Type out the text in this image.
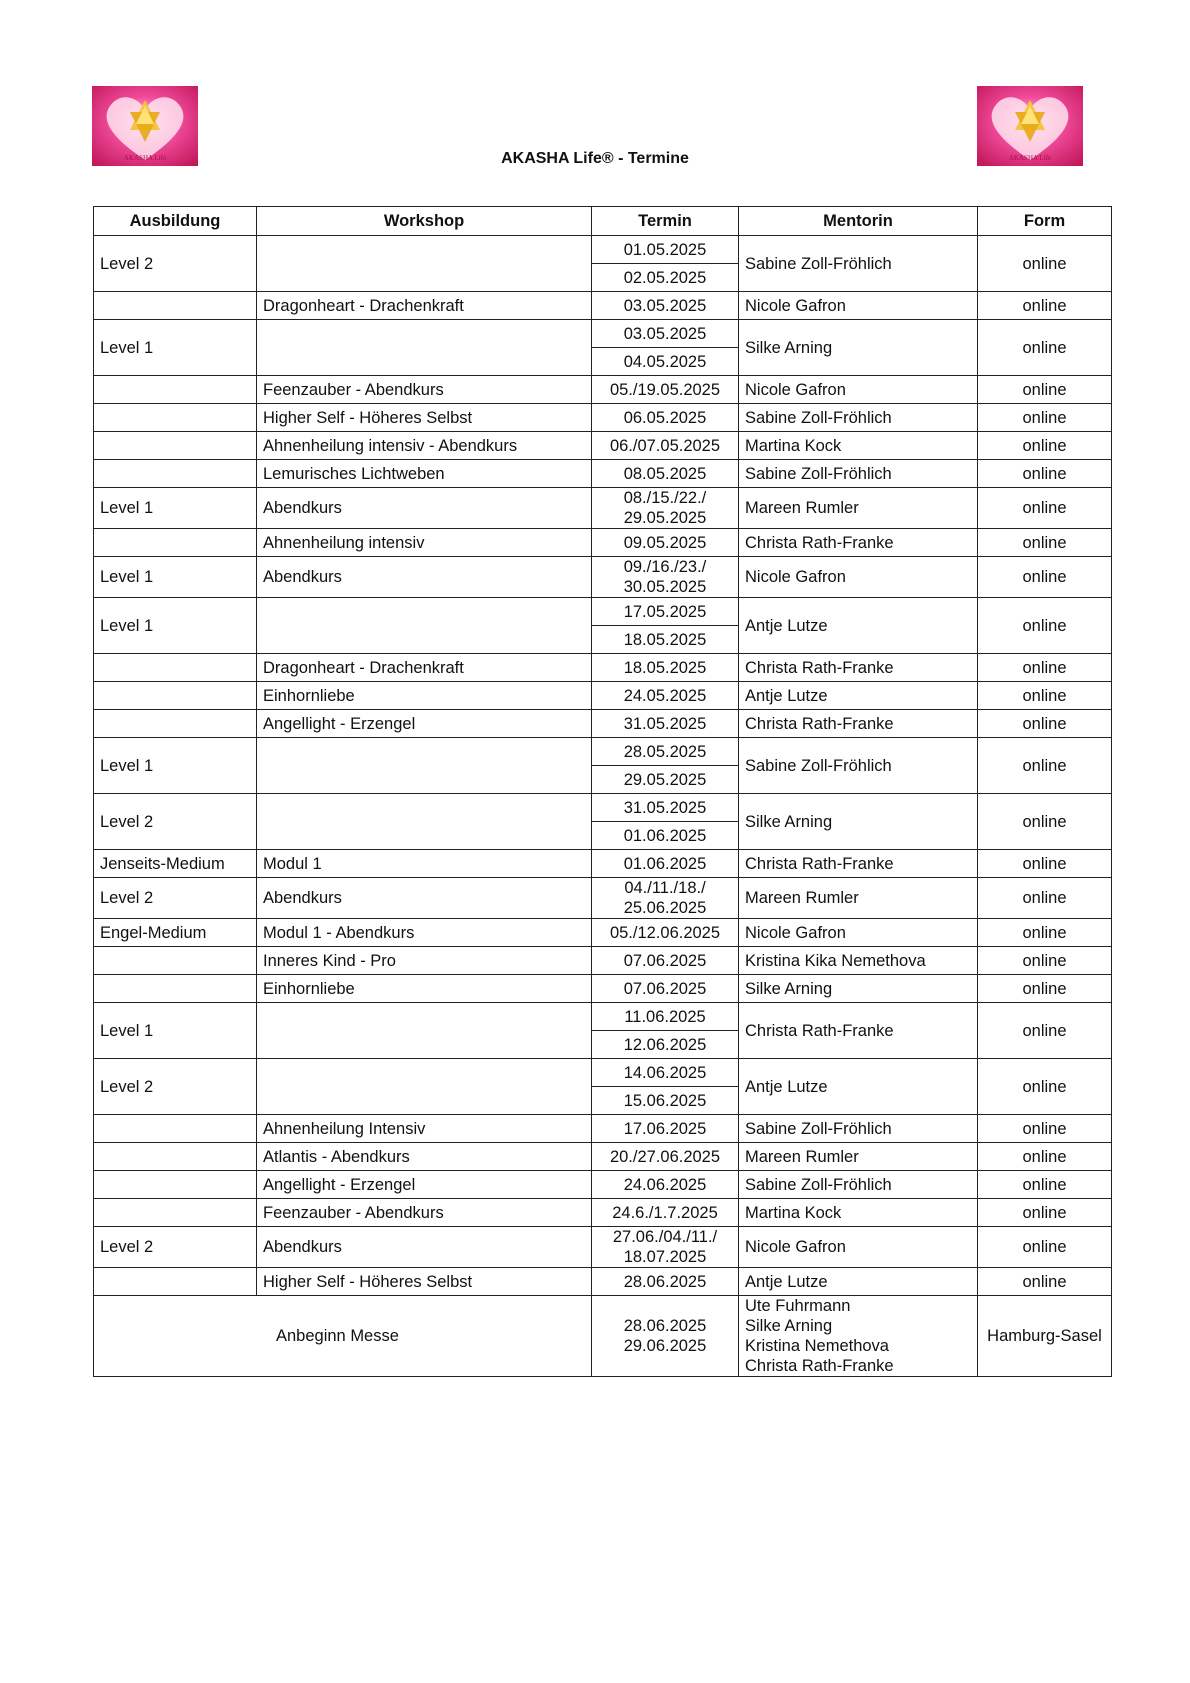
AKASHA Life	AKASHA Life
AKASHA Life® - Termine
Ausbildung	Workshop	Termin	Mentorin	Form
Level 2		01.05.2025	Sabine Zoll-Fröhlich	online
		02.05.2025		
	Dragonheart - Drachenkraft	03.05.2025	Nicole Gafron	online
Level 1		03.05.2025	Silke Arning	online
		04.05.2025		
	Feenzauber - Abendkurs	05./19.05.2025	Nicole Gafron	online
	Higher Self - Höheres Selbst	06.05.2025	Sabine Zoll-Fröhlich	online
	Ahnenheilung intensiv - Abendkurs	06./07.05.2025	Martina Kock	online
	Lemurisches Lichtweben	08.05.2025	Sabine Zoll-Fröhlich	online
Level 1	Abendkurs	08./15./22./
29.05.2025	Mareen Rumler	online
	Ahnenheilung intensiv	09.05.2025	Christa Rath-Franke	online
Level 1	Abendkurs	09./16./23./
30.05.2025	Nicole Gafron	online
Level 1		17.05.2025	Antje Lutze	online
		18.05.2025		
	Dragonheart - Drachenkraft	18.05.2025	Christa Rath-Franke	online
	Einhornliebe	24.05.2025	Antje Lutze	online
	Angellight - Erzengel	31.05.2025	Christa Rath-Franke	online
Level 1		28.05.2025	Sabine Zoll-Fröhlich	online
		29.05.2025		
Level 2		31.05.2025	Silke Arning	online
		01.06.2025		
Jenseits-Medium	Modul 1	01.06.2025	Christa Rath-Franke	online
Level 2	Abendkurs	04./11./18./
25.06.2025	Mareen Rumler	online
Engel-Medium	Modul 1 - Abendkurs	05./12.06.2025	Nicole Gafron	online
	Inneres Kind - Pro	07.06.2025	Kristina Kika Nemethova	online
	Einhornliebe	07.06.2025	Silke Arning	online
Level 1		11.06.2025	Christa Rath-Franke	online
		12.06.2025		
Level 2		14.06.2025	Antje Lutze	online
		15.06.2025		
	Ahnenheilung Intensiv	17.06.2025	Sabine Zoll-Fröhlich	online
	Atlantis - Abendkurs	20./27.06.2025	Mareen Rumler	online
	Angellight - Erzengel	24.06.2025	Sabine Zoll-Fröhlich	online
	Feenzauber - Abendkurs	24.6./1.7.2025	Martina Kock	online
Level 2	Abendkurs	27.06./04./11./
18.07.2025	Nicole Gafron	online
	Higher Self - Höheres Selbst	28.06.2025	Antje Lutze	online
Anbeginn Messe		28.06.2025
29.06.2025	Ute Fuhrmann
Silke Arning
Kristina Nemethova
Christa Rath-Franke	Hamburg-Sasel
